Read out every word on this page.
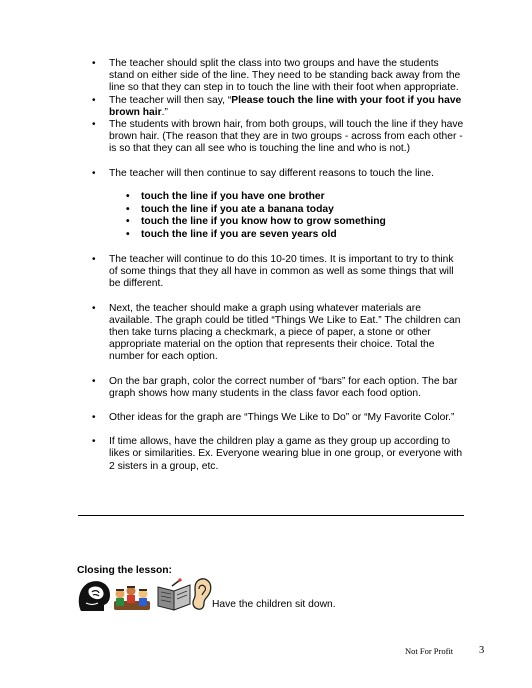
• The teacher should split the class into two groups and have the students stand on either side of the line. They need to be standing back away from the line so that they can step in to touch the line with their foot when appropriate.
• The teacher will then say, “Please touch the line with your foot if you have brown hair.”
• The students with brown hair, from both groups, will touch the line if they have brown hair. (The reason that they are in two groups - across from each other - is so that they can all see who is touching the line and who is not.)
• The teacher will then continue to say different reasons to touch the line.
• touch the line if you have one brother
• touch the line if you ate a banana today
• touch the line if you know how to grow something
• touch the line if you are seven years old
• The teacher will continue to do this 10-20 times. It is important to try to think of some things that they all have in common as well as some things that will be different.
• Next, the teacher should make a graph using whatever materials are available. The graph could be titled “Things We Like to Eat.” The children can then take turns placing a checkmark, a piece of paper, a stone or other appropriate material on the option that represents their choice. Total the number for each option.
• On the bar graph, color the correct number of “bars” for each option. The bar graph shows how many students in the class favor each food option.
• Other ideas for the graph are “Things We Like to Do” or “My Favorite Color.”
• If time allows, have the children play a game as they group up according to likes or similarities. Ex. Everyone wearing blue in one group, or everyone with 2 sisters in a group, etc.
Closing the lesson:
Have the children sit down.
Not For Profit 3
